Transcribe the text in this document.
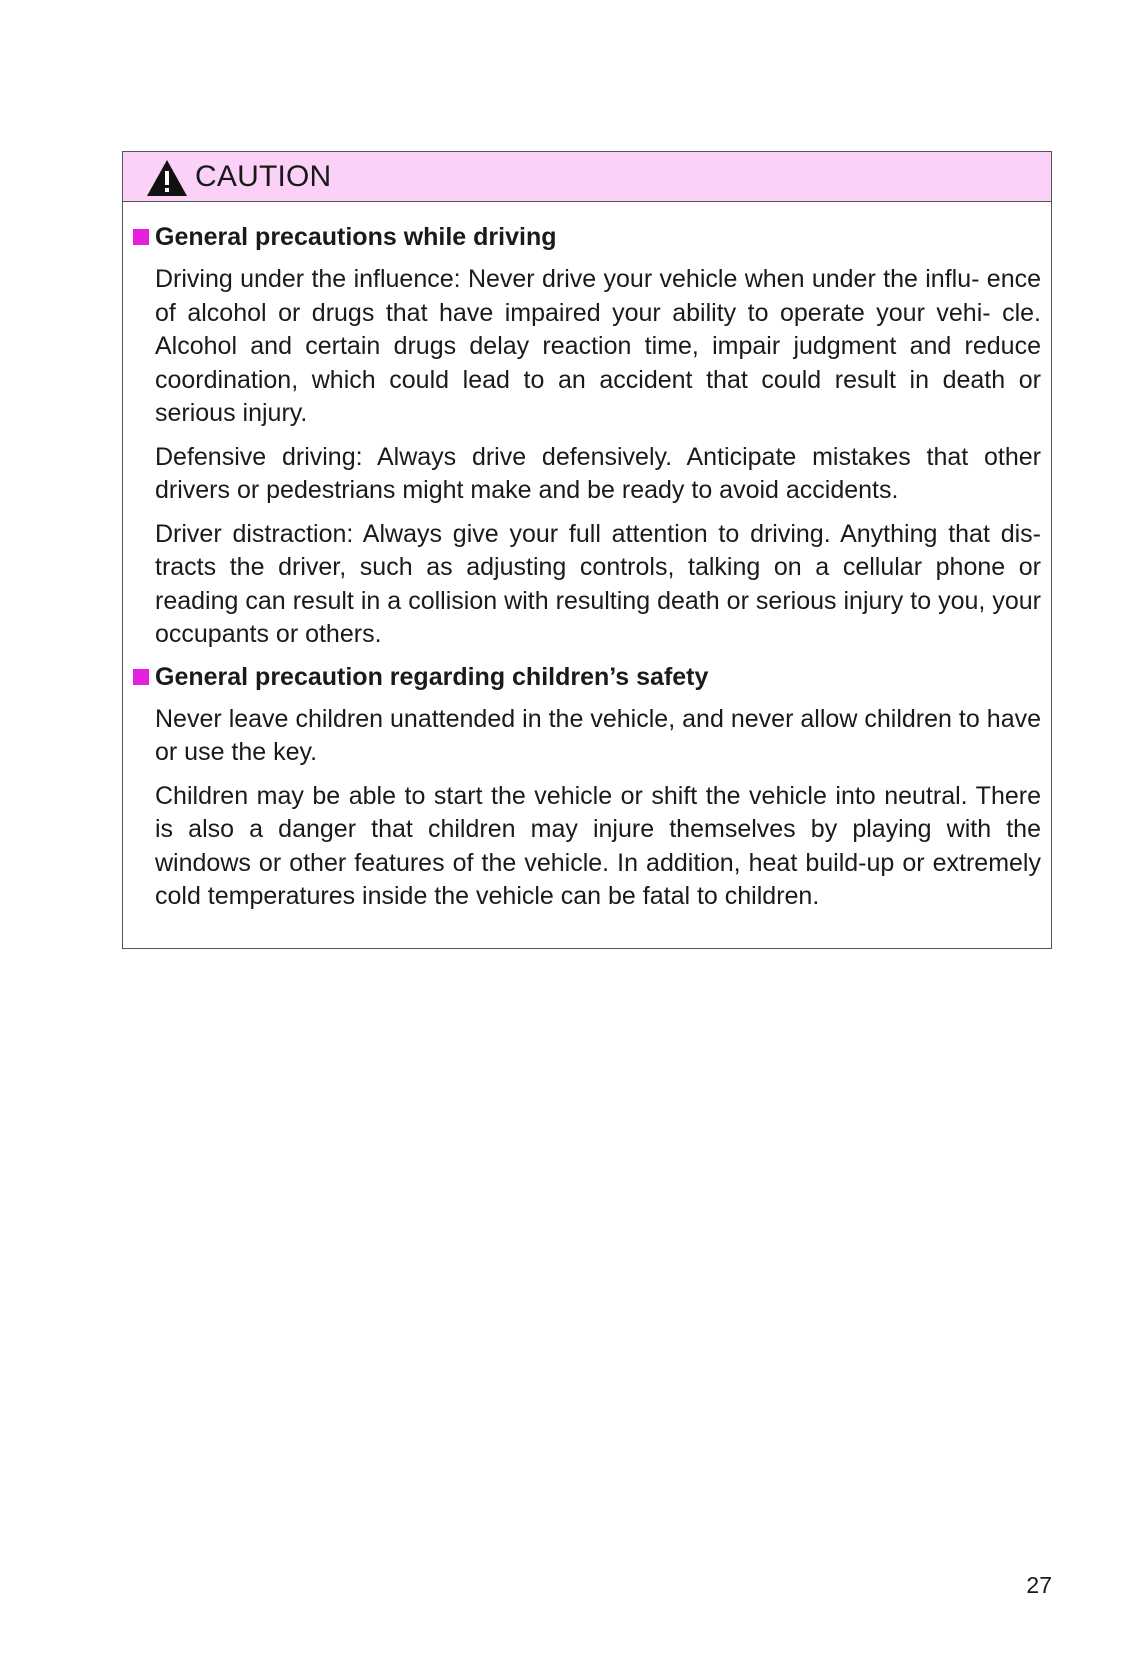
CAUTION
General precautions while driving

Driving under the influence: Never drive your vehicle when under the influ- ence of alcohol or drugs that have impaired your ability to operate your vehi- cle. Alcohol and certain drugs delay reaction time, impair judgment and reduce coordination, which could lead to an accident that could result in death or serious injury.

Defensive driving: Always drive defensively. Anticipate mistakes that other drivers or pedestrians might make and be ready to avoid accidents.

Driver distraction: Always give your full attention to driving. Anything that dis- tracts the driver, such as adjusting controls, talking on a cellular phone or reading can result in a collision with resulting death or serious injury to you, your occupants or others.

General precaution regarding children’s safety

Never leave children unattended in the vehicle, and never allow children to have or use the key.

Children may be able to start the vehicle or shift the vehicle into neutral. There is also a danger that children may injure themselves by playing with the windows or other features of the vehicle. In addition, heat build-up or extremely cold temperatures inside the vehicle can be fatal to children.

27
